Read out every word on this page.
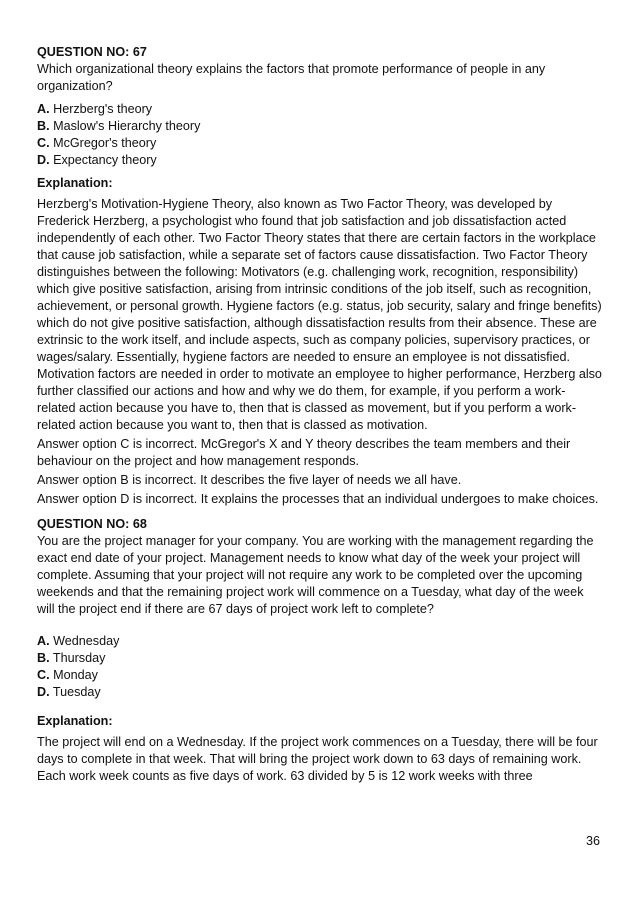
QUESTION NO: 67

Which organizational theory explains the factors that promote performance of people in any organization?

A. Herzberg's theory
B. Maslow's Hierarchy theory
C. McGregor's theory
D. Expectancy theory

Explanation:

Herzberg's Motivation-Hygiene Theory, also known as Two Factor Theory, was developed by Frederick Herzberg, a psychologist who found that job satisfaction and job dissatisfaction acted independently of each other. Two Factor Theory states that there are certain factors in the workplace that cause job satisfaction, while a separate set of factors cause dissatisfaction. Two Factor Theory distinguishes between the following: Motivators (e.g. challenging work, recognition, responsibility) which give positive satisfaction, arising from intrinsic conditions of the job itself, such as recognition, achievement, or personal growth. Hygiene factors (e.g. status, job security, salary and fringe benefits) which do not give positive satisfaction, although dissatisfaction results from their absence. These are extrinsic to the work itself, and include aspects, such as company policies, supervisory practices, or wages/salary. Essentially, hygiene factors are needed to ensure an employee is not dissatisfied. Motivation factors are needed in order to motivate an employee to higher performance, Herzberg also further classified our actions and how and why we do them, for example, if you perform a work-related action because you have to, then that is classed as movement, but if you perform a work-related action because you want to, then that is classed as motivation.

Answer option C is incorrect. McGregor's X and Y theory describes the team members and their behaviour on the project and how management responds.

Answer option B is incorrect. It describes the five layer of needs we all have.

Answer option D is incorrect. It explains the processes that an individual undergoes to make choices.

QUESTION NO: 68

You are the project manager for your company. You are working with the management regarding the exact end date of your project. Management needs to know what day of the week your project will complete. Assuming that your project will not require any work to be completed over the upcoming weekends and that the remaining project work will commence on a Tuesday, what day of the week will the project end if there are 67 days of project work left to complete?

A. Wednesday
B. Thursday
C. Monday
D. Tuesday

Explanation:

The project will end on a Wednesday. If the project work commences on a Tuesday, there will be four days to complete in that week. That will bring the project work down to 63 days of remaining work. Each work week counts as five days of work. 63 divided by 5 is 12 work weeks with three

36
